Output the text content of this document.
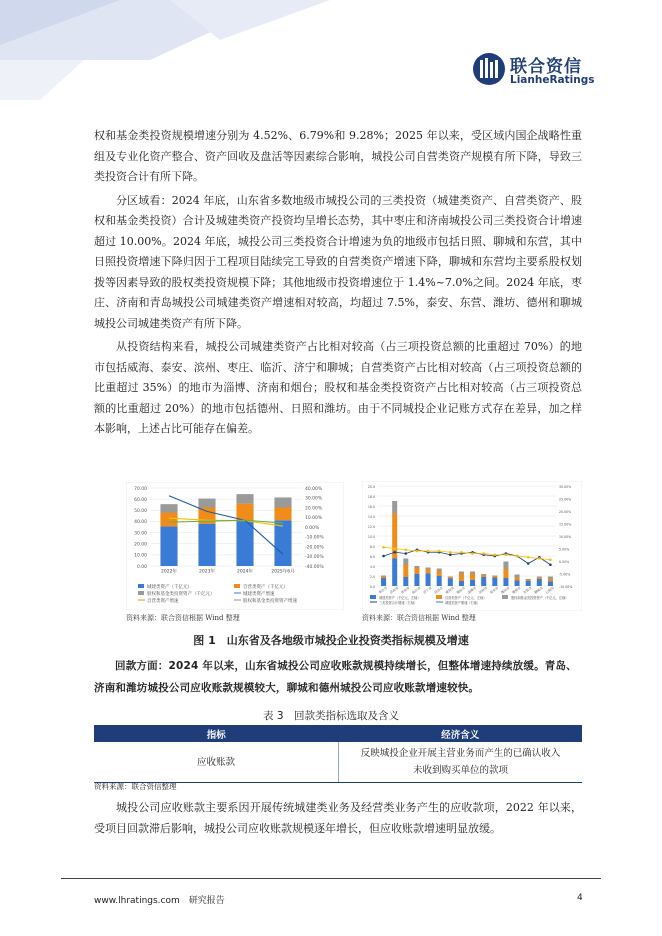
联合资信
LianheRatings

权和基金类投资规模增速分别为 4.52%、6.79%和 9.28%；2025 年以来，受区域内国企战略性重组及专业化资产整合、资产回收及盘活等因素综合影响，城投公司自营类资产规模有所下降，导致三类投资合计有所下降。

分区域看：2024 年底，山东省多数地级市城投公司的三类投资（城建类资产、自营类资产、股权和基金类投资）合计及城建类资产投资均呈增长态势，其中枣庄和济南城投公司三类投资合计增速超过 10.00%。2024 年底，城投公司三类投资合计增速为负的地级市包括日照、聊城和东营，其中日照投资增速下降归因于工程项目陆续完工导致的自营类资产增速下降，聊城和东营均主要系股权划拨等因素导致的股权类投资规模下降；其他地级市投资增速位于 1.4%~7.0%之间。2024 年底，枣庄、济南和青岛城投公司城建类资产增速相对较高，均超过 7.5%，泰安、东营、潍坊、德州和聊城城投公司城建类资产有所下降。

从投资结构来看，城投公司城建类资产占比相对较高（占三项投资总额的比重超过 70%）的地市包括威海、泰安、滨州、枣庄、临沂、济宁和聊城；自营类资产占比相对较高（占三项投资总额的比重超过 35%）的地市为淄博、济南和烟台；股权和基金类投资资产占比相对较高（占三项投资总额的比重超过 20%）的地市包括德州、日照和潍坊。由于不同城投企业记账方式存在差异，加之样本影响，上述占比可能存在偏差。

0.00
10.00
20.00
30.00
40.00
50.00
60.00
70.00
-40.00%
-30.00%
-20.00%
-10.00%
0.00%
10.00%
20.00%
30.00%
40.00%
2022年	2023年	2024年	2025年6月
城建类资产（千亿元）	自营类资产（千亿元）
股权和基金类投资资产（千亿元）	城建类资产增速
自营类资产增速	股权和基金类投资资产增速
资料来源：联合资信根据 Wind 整理
0.0
2.0
4.0
6.0
8.0
10.0
12.0
14.0
16.0
18.0
20.0
-10.00%
-5.00%
0.00%
5.00%
10.00%
15.00%
20.00%
25.00%
30.00%
枣庄市 济南市 青岛市 临沂市 济宁市 菏泽市 威海市 烟台市 淄博市 滨州市 泰安市 潍坊市 德州市 东营市 聊城市 日照市
城建类资产（千亿元，左轴）	自营类资产（千亿元，左轴）	股权和基金类投资资产（千亿元，左轴）
三类投资合计增速（右轴）	城建类资产增速（右轴）
资料来源：联合资信根据 Wind 整理
图 1　山东省及各地级市城投企业投资类指标规模及增速
回款方面：2024 年以来，山东省城投公司应收账款规模持续增长，但整体增速持续放缓。青岛、济南和潍坊城投公司应收账款规模较大，聊城和德州城投公司应收账款增速较快。
表 3　回款类指标选取及含义
指标	经济含义
应收账款	反映城投企业开展主营业务而产生的已确认收入
未收到购买单位的款项
资料来源：联合资信整理
城投公司应收账款主要系因开展传统城建类业务及经营类业务产生的应收款项，2022 年以来，受项目回款滞后影响，城投公司应收账款规模逐年增长，但应收账款增速明显放缓。
www.lhratings.com　研究报告	4
